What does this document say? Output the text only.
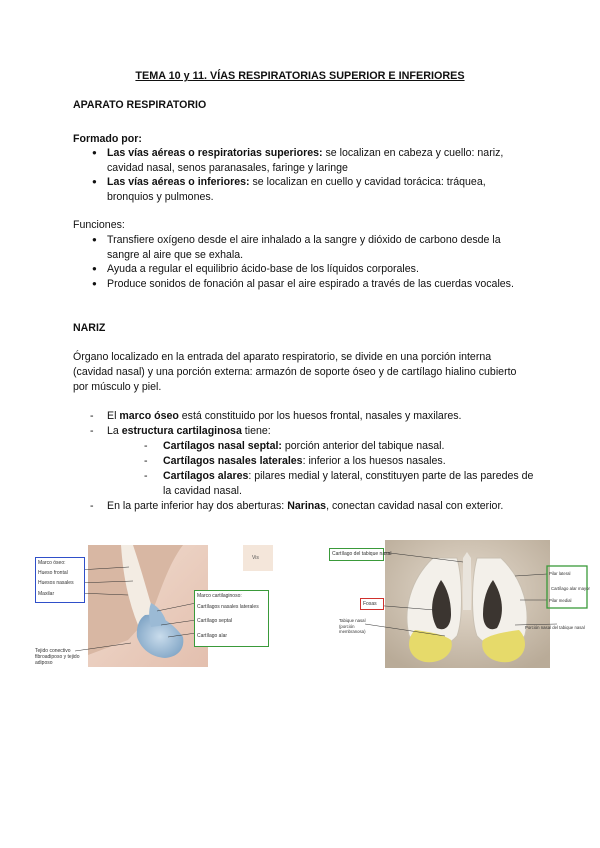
TEMA 10 y 11. VÍAS RESPIRATORIAS SUPERIOR E INFERIORES
APARATO RESPIRATORIO
Formado por:
● Las vías aéreas o respiratorias superiores: se localizan en cabeza y cuello: nariz, cavidad nasal, senos paranasales, faringe y laringe
● Las vías aéreas o inferiores: se localizan en cuello y cavidad torácica: tráquea, bronquios y pulmones.
Funciones:
● Transfiere oxígeno desde el aire inhalado a la sangre y dióxido de carbono desde la sangre al aire que se exhala.
● Ayuda a regular el equilibrio ácido-base de los líquidos corporales.
● Produce sonidos de fonación al pasar el aire espirado a través de las cuerdas vocales.
NARIZ
Órgano localizado en la entrada del aparato respiratorio, se divide en una porción interna (cavidad nasal) y una porción externa: armazón de soporte óseo y de cartílago hialino cubierto por músculo y piel.
- El marco óseo está constituido por los huesos frontal, nasales y maxilares.
- La estructura cartilaginosa tiene:
- Cartílagos nasal septal: porción anterior del tabique nasal.
- Cartílagos nasales laterales: inferior a los huesos nasales.
- Cartílagos alares: pilares medial y lateral, constituyen parte de las paredes de la cavidad nasal.
- En la parte inferior hay dos aberturas: Narinas, conectan cavidad nasal con exterior.
Vis
Marco óseo:
Hueso frontal
Huesos nasales
Maxilar	Marco cartilaginoso:
Cartílagos nasales laterales
Cartílago septal
Cartílago alar
Tejido conectivo fibroadiposo y tejido adiposo
Cartílago del tabique nasal
Fosas
Tabique nasal (porción membranosa)
Pilar lateral
Cartílago alar mayor
Pilar medial
Porción nasal del tabique nasal
